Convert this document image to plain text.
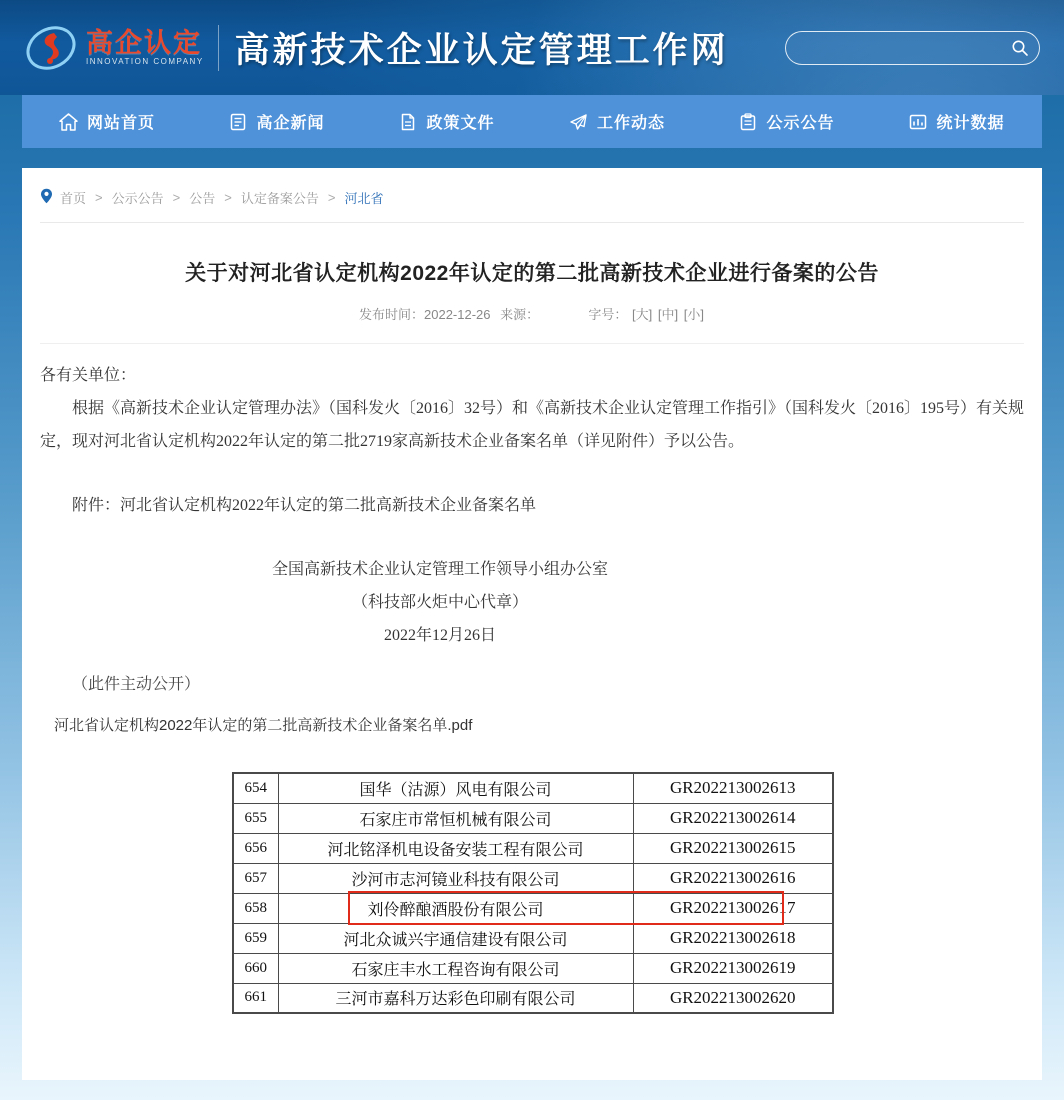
高企认定
INNOVATION COMPANY 高新技术企业认定管理工作网
网站首页	高企新闻	政策文件	工作动态	公示公告	统计数据
首页 > 公示公告 > 公告 > 认定备案公告 > 河北省
关于对河北省认定机构2022年认定的第二批高新技术企业进行备案的公告
发布时间：2022-12-26 来源：	字号： [大] [中] [小]

各有关单位：

根据《高新技术企业认定管理办法》（国科发火〔2016〕32号）和《高新技术企业认定管理工作指引》（国科发火〔2016〕195号）有关规定，现对河北省认定机构2022年认定的第二批2719家高新技术企业备案名单（详见附件）予以公告。

附件：河北省认定机构2022年认定的第二批高新技术企业备案名单

全国高新技术企业认定管理工作领导小组办公室
（科技部火炬中心代章）
2022年12月26日

（此件主动公开）

河北省认定机构2022年认定的第二批高新技术企业备案名单.pdf
654	国华（沽源）风电有限公司	GR202213002613
655	石家庄市常恒机械有限公司	GR202213002614
656	河北铭泽机电设备安装工程有限公司	GR202213002615
657	沙河市志河镜业科技有限公司	GR202213002616
658	刘伶醉酿酒股份有限公司	GR202213002617
659	河北众诚兴宇通信建设有限公司	GR202213002618
660	石家庄丰水工程咨询有限公司	GR202213002619
661	三河市嘉科万达彩色印刷有限公司	GR202213002620
